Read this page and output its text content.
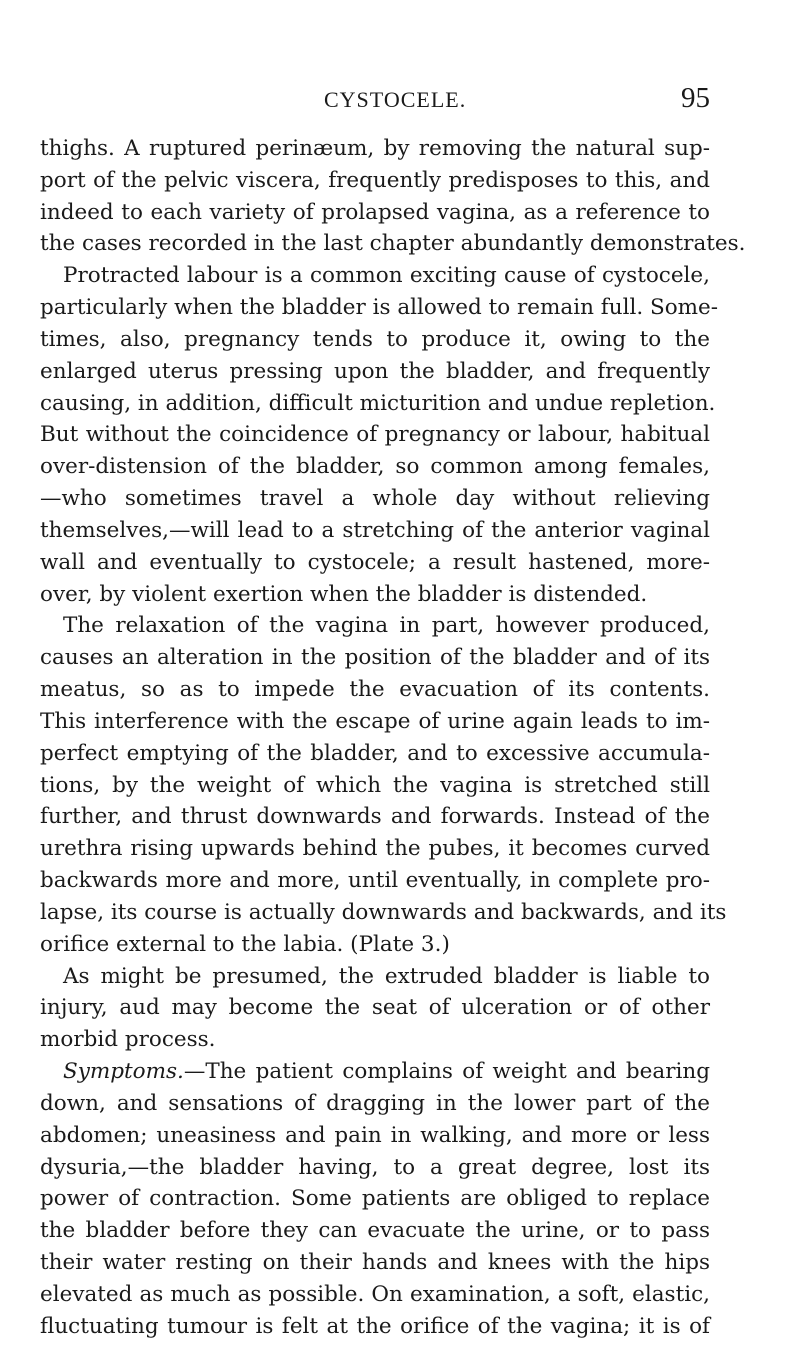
CYSTOCELE.	95
thighs. A ruptured perinæum, by removing the natural sup-
port of the pelvic viscera, frequently predisposes to this, and
indeed to each variety of prolapsed vagina, as a reference to
the cases recorded in the last chapter abundantly demonstrates.
Protracted labour is a common exciting cause of cystocele,
particularly when the bladder is allowed to remain full. Some-
times, also, pregnancy tends to produce it, owing to the
enlarged uterus pressing upon the bladder, and frequently
causing, in addition, difficult micturition and undue repletion.
But without the coincidence of pregnancy or labour, habitual
over-distension of the bladder, so common among females,
—who sometimes travel a whole day without relieving
themselves,—will lead to a stretching of the anterior vaginal
wall and eventually to cystocele; a result hastened, more-
over, by violent exertion when the bladder is distended.
The relaxation of the vagina in part, however produced,
causes an alteration in the position of the bladder and of its
meatus, so as to impede the evacuation of its contents.
This interference with the escape of urine again leads to im-
perfect emptying of the bladder, and to excessive accumula-
tions, by the weight of which the vagina is stretched still
further, and thrust downwards and forwards. Instead of the
urethra rising upwards behind the pubes, it becomes curved
backwards more and more, until eventually, in complete pro-
lapse, its course is actually downwards and backwards, and its
orifice external to the labia. (Plate 3.)
As might be presumed, the extruded bladder is liable to
injury, aud may become the seat of ulceration or of other
morbid process.
Symptoms.—The patient complains of weight and bearing
down, and sensations of dragging in the lower part of the
abdomen; uneasiness and pain in walking, and more or less
dysuria,—the bladder having, to a great degree, lost its
power of contraction. Some patients are obliged to replace
the bladder before they can evacuate the urine, or to pass
their water resting on their hands and knees with the hips
elevated as much as possible. On examination, a soft, elastic,
fluctuating tumour is felt at the orifice of the vagina; it is of
